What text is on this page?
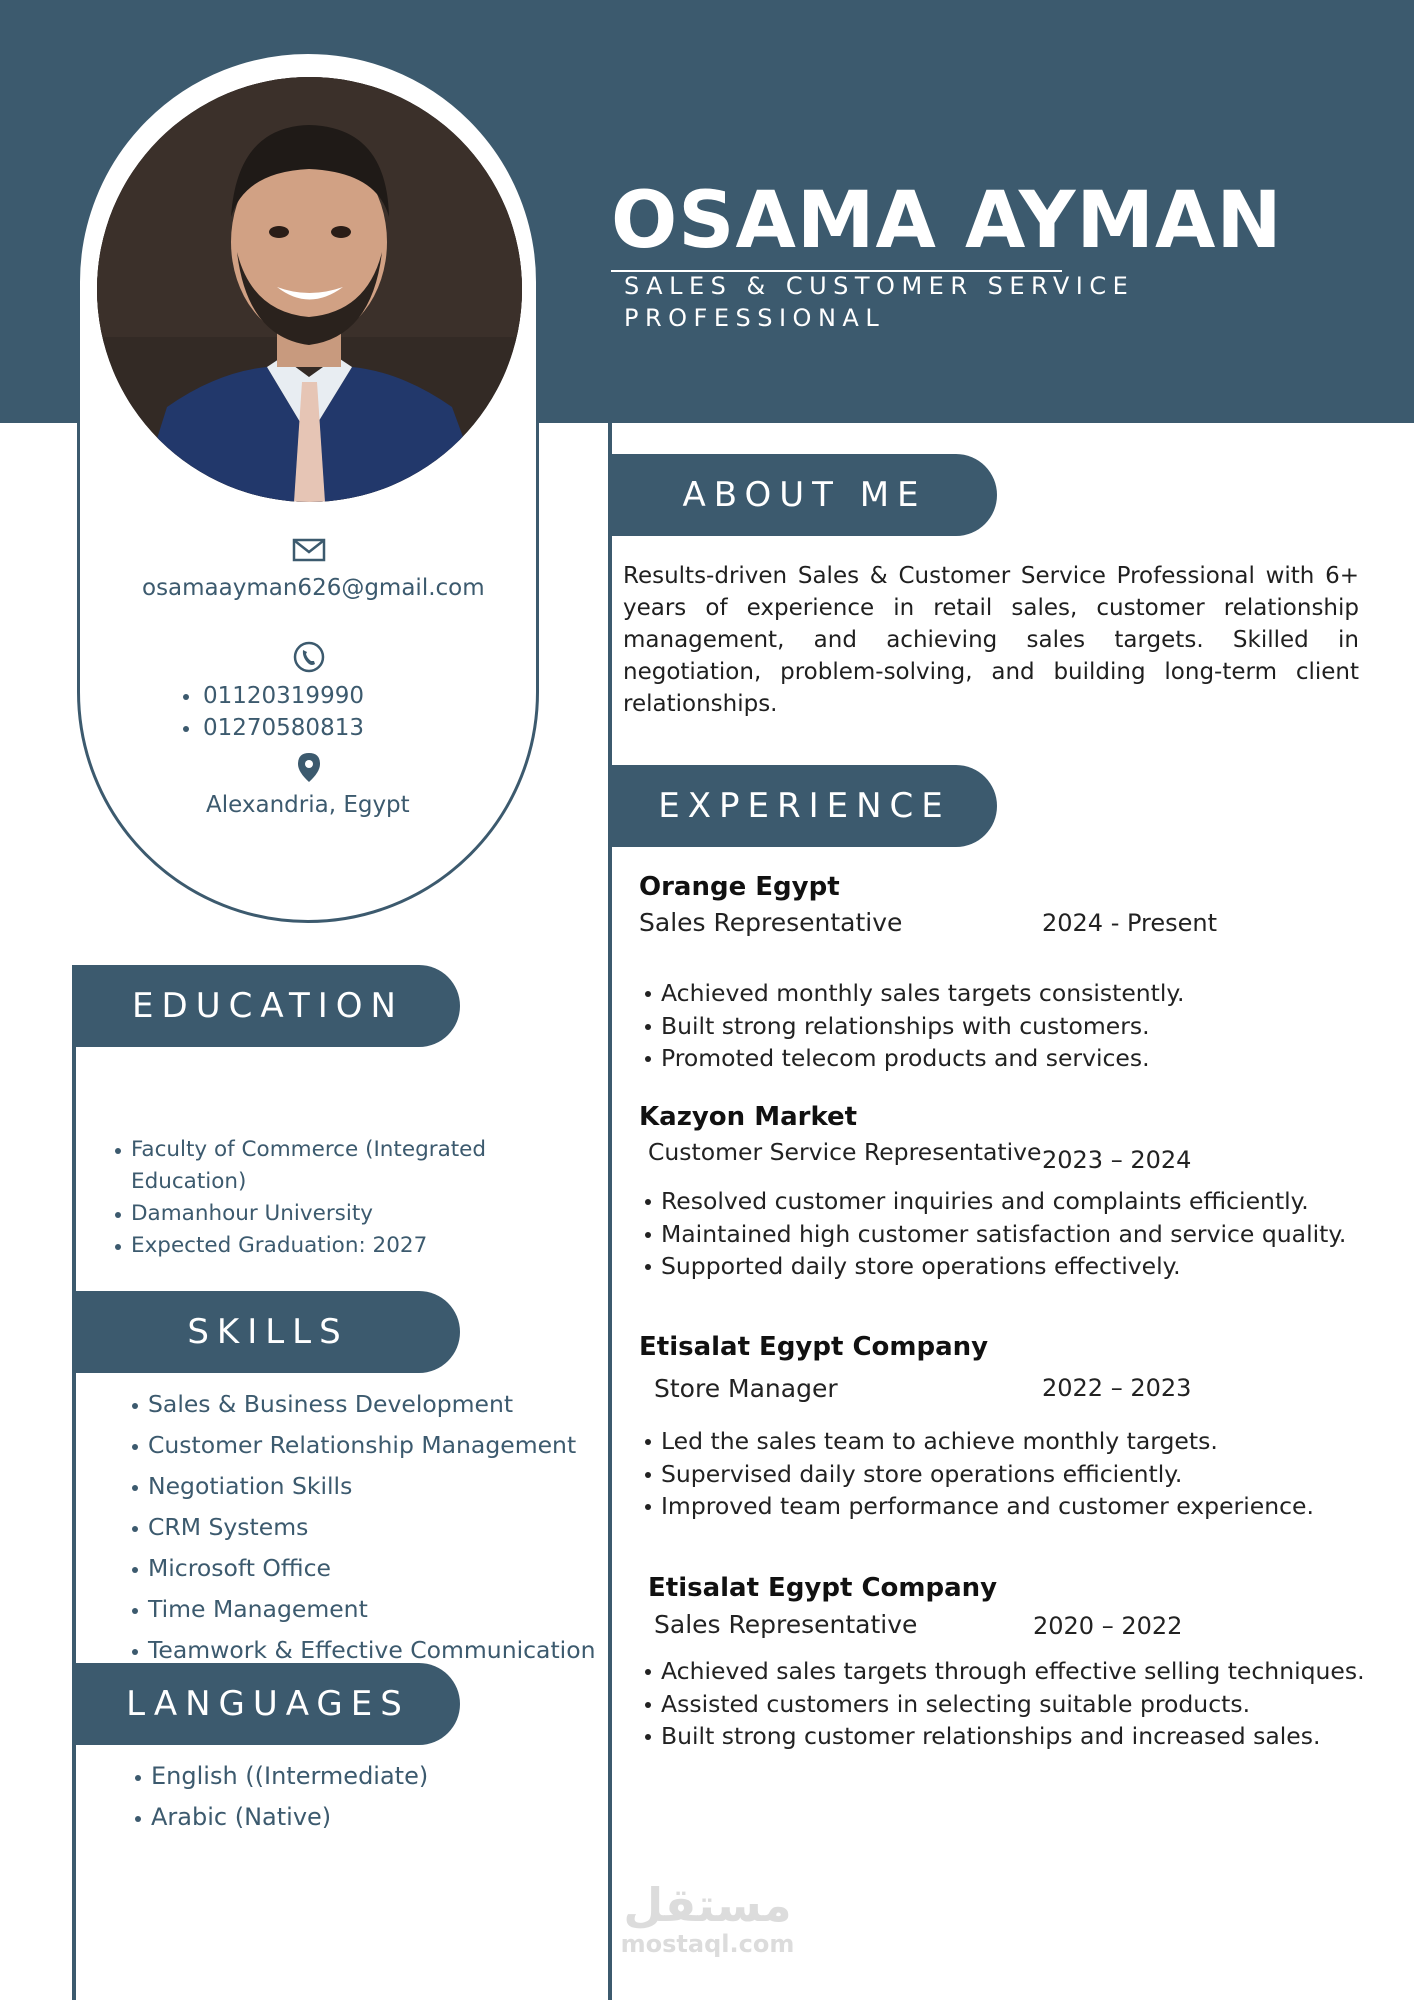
OSAMA AYMAN
SALES & CUSTOMER SERVICE PROFESSIONAL
osamaayman626@gmail.com
01120319990
01270580813
Alexandria, Egypt
ABOUT ME
EXPERIENCE
EDUCATION
SKILLS
LANGUAGES
Results-driven Sales & Customer Service Professional with 6+ years of experience in retail sales, customer relationship management, and achieving sales targets. Skilled in negotiation, problem-solving, and building long-term client relationships.
Orange Egypt
Sales Representative	2024 - Present
Achieved monthly sales targets consistently.
Built strong relationships with customers.
Promoted telecom products and services.
Kazyon Market
Customer Service Representative 2023 – 2024
Resolved customer inquiries and complaints efficiently.
Maintained high customer satisfaction and service quality.
Supported daily store operations effectively.
Etisalat Egypt Company
Store Manager	2022 – 2023
Led the sales team to achieve monthly targets.
Supervised daily store operations efficiently.
Improved team performance and customer experience.
Etisalat Egypt Company
Sales Representative	2020 – 2022
Achieved sales targets through effective selling techniques.
Assisted customers in selecting suitable products.
Built strong customer relationships and increased sales.
Faculty of Commerce (Integrated Education)
Damanhour University
Expected Graduation: 2027
Sales & Business Development
Customer Relationship Management
Negotiation Skills
CRM Systems
Microsoft Office
Time Management
Teamwork & Effective Communication
English ((Intermediate)
Arabic (Native)
مستقل
mostaql.com
